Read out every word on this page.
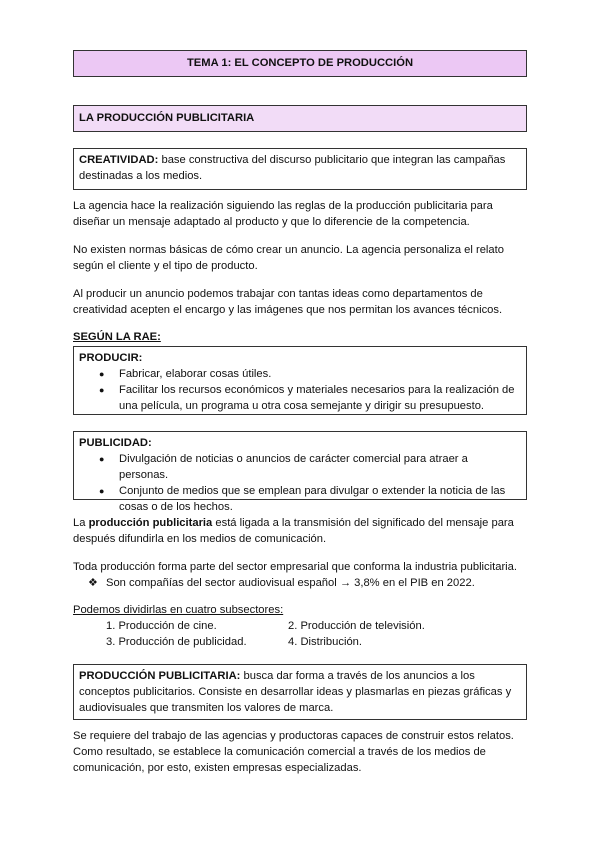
TEMA 1: EL CONCEPTO DE PRODUCCIÓN
LA PRODUCCIÓN PUBLICITARIA
CREATIVIDAD: base constructiva del discurso publicitario que integran las campañas destinadas a los medios.

La agencia hace la realización siguiendo las reglas de la producción publicitaria para diseñar un mensaje adaptado al producto y que lo diferencie de la competencia.

No existen normas básicas de cómo crear un anuncio. La agencia personaliza el relato según el cliente y el tipo de producto.

Al producir un anuncio podemos trabajar con tantas ideas como departamentos de creatividad acepten el encargo y las imágenes que nos permitan los avances técnicos.

SEGÚN LA RAE:
PRODUCIR:
● Fabricar, elaborar cosas útiles.
● Facilitar los recursos económicos y materiales necesarios para la realización de una película, un programa u otra cosa semejante y dirigir su presupuesto.
PUBLICIDAD:
● Divulgación de noticias o anuncios de carácter comercial para atraer a personas.
● Conjunto de medios que se emplean para divulgar o extender la noticia de las cosas o de los hechos.

La producción publicitaria está ligada a la transmisión del significado del mensaje para después difundirla en los medios de comunicación.

Toda producción forma parte del sector empresarial que conforma la industria publicitaria.

❖ Son compañías del sector audiovisual español → 3,8% en el PIB en 2022.
Podemos dividirlas en cuatro subsectores:
1. Producción de cine.	2. Producción de televisión.
3. Producción de publicidad.	4. Distribución.
PRODUCCIÓN PUBLICITARIA: busca dar forma a través de los anuncios a los conceptos publicitarios. Consiste en desarrollar ideas y plasmarlas en piezas gráficas y audiovisuales que transmiten los valores de marca.

Se requiere del trabajo de las agencias y productoras capaces de construir estos relatos. Como resultado, se establece la comunicación comercial a través de los medios de comunicación, por esto, existen empresas especializadas.
